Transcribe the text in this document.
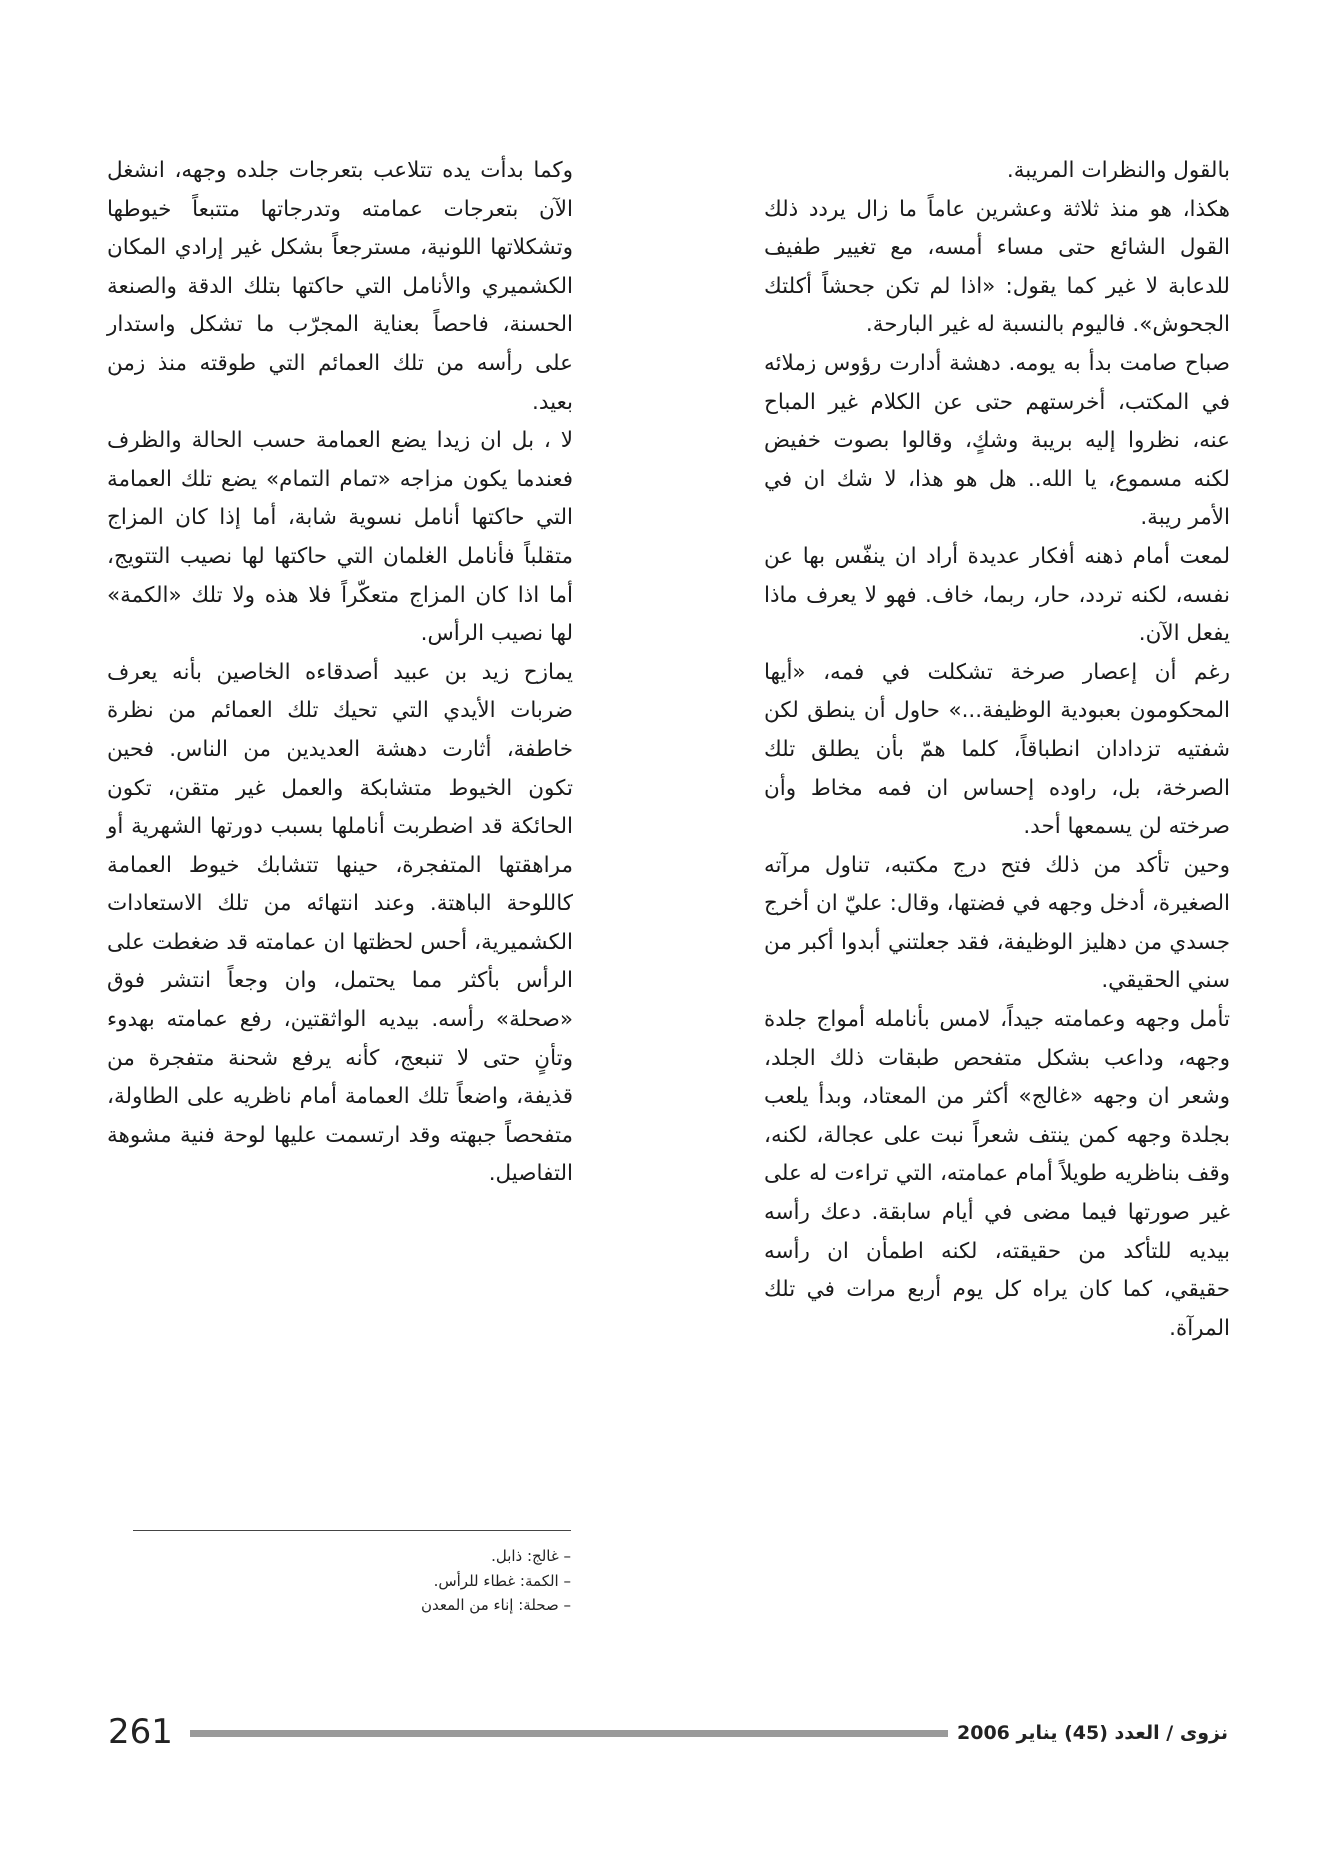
بالقول والنظرات المريبة.

هكذا، هو منذ ثلاثة وعشرين عاماً ما زال يردد ذلك القول الشائع حتى مساء أمسه، مع تغيير طفيف للدعابة لا غير كما يقول: «اذا لم تكن جحشاً أكلتك الجحوش». فاليوم بالنسبة له غير البارحة.

صباح صامت بدأ به يومه. دهشة أدارت رؤوس زملائه في المكتب، أخرستهم حتى عن الكلام غير المباح عنه، نظروا إليه بريبة وشكٍ، وقالوا بصوت خفيض لكنه مسموع، يا الله.. هل هو هذا، لا شك ان في الأمر ريبة.

لمعت أمام ذهنه أفكار عديدة أراد ان ينفّس بها عن نفسه، لكنه تردد، حار، ربما، خاف. فهو لا يعرف ماذا يفعل الآن.

رغم أن إعصار صرخة تشكلت في فمه، «أيها المحكومون بعبودية الوظيفة...» حاول أن ينطق لكن شفتيه تزدادان انطباقاً، كلما همّ بأن يطلق تلك الصرخة، بل، راوده إحساس ان فمه مخاط وأن صرخته لن يسمعها أحد.

وحين تأكد من ذلك فتح درج مكتبه، تناول مرآته الصغيرة، أدخل وجهه في فضتها، وقال: عليّ ان أخرج جسدي من دهليز الوظيفة، فقد جعلتني أبدوا أكبر من سني الحقيقي.

تأمل وجهه وعمامته جيداً، لامس بأنامله أمواج جلدة وجهه، وداعب بشكل متفحص طبقات ذلك الجلد، وشعر ان وجهه «غالج» أكثر من المعتاد، وبدأ يلعب بجلدة وجهه كمن ينتف شعراً نبت على عجالة، لكنه، وقف بناظريه طويلاً أمام عمامته، التي تراءت له على غير صورتها فيما مضى في أيام سابقة. دعك رأسه بيديه للتأكد من حقيقته، لكنه اطمأن ان رأسه حقيقي، كما كان يراه كل يوم أربع مرات في تلك المرآة.

وكما بدأت يده تتلاعب بتعرجات جلده وجهه، انشغل الآن بتعرجات عمامته وتدرجاتها متتبعاً خيوطها وتشكلاتها اللونية، مسترجعاً بشكل غير إرادي المكان الكشميري والأنامل التي حاكتها بتلك الدقة والصنعة الحسنة، فاحصاً بعناية المجرّب ما تشكل واستدار على رأسه من تلك العمائم التي طوقته منذ زمن بعيد.

لا ، بل ان زيدا يضع العمامة حسب الحالة والظرف فعندما يكون مزاجه «تمام التمام» يضع تلك العمامة التي حاكتها أنامل نسوية شابة، أما إذا كان المزاج متقلباً فأنامل الغلمان التي حاكتها لها نصيب التتويج، أما اذا كان المزاج متعكّراً فلا هذه ولا تلك «الكمة» لها نصيب الرأس.

يمازح زيد بن عبيد أصدقاءه الخاصين بأنه يعرف ضربات الأيدي التي تحيك تلك العمائم من نظرة خاطفة، أثارت دهشة العديدين من الناس. فحين تكون الخيوط متشابكة والعمل غير متقن، تكون الحائكة قد اضطربت أناملها بسبب دورتها الشهرية أو مراهقتها المتفجرة، حينها تتشابك خيوط العمامة كاللوحة الباهتة. وعند انتهائه من تلك الاستعادات الكشميرية، أحس لحظتها ان عمامته قد ضغطت على الرأس بأكثر مما يحتمل، وان وجعاً انتشر فوق «صحلة» رأسه. بيديه الواثقتين، رفع عمامته بهدوء وتأنٍ حتى لا تنبعج، كأنه يرفع شحنة متفجرة من قذيفة، واضعاً تلك العمامة أمام ناظريه على الطاولة، متفحصاً جبهته وقد ارتسمت عليها لوحة فنية مشوهة التفاصيل.

– غالج: ذابل.
– الكمة: غطاء للرأس.
– صحلة: إناء من المعدن
261	نزوى / العدد (45) يناير 2006
